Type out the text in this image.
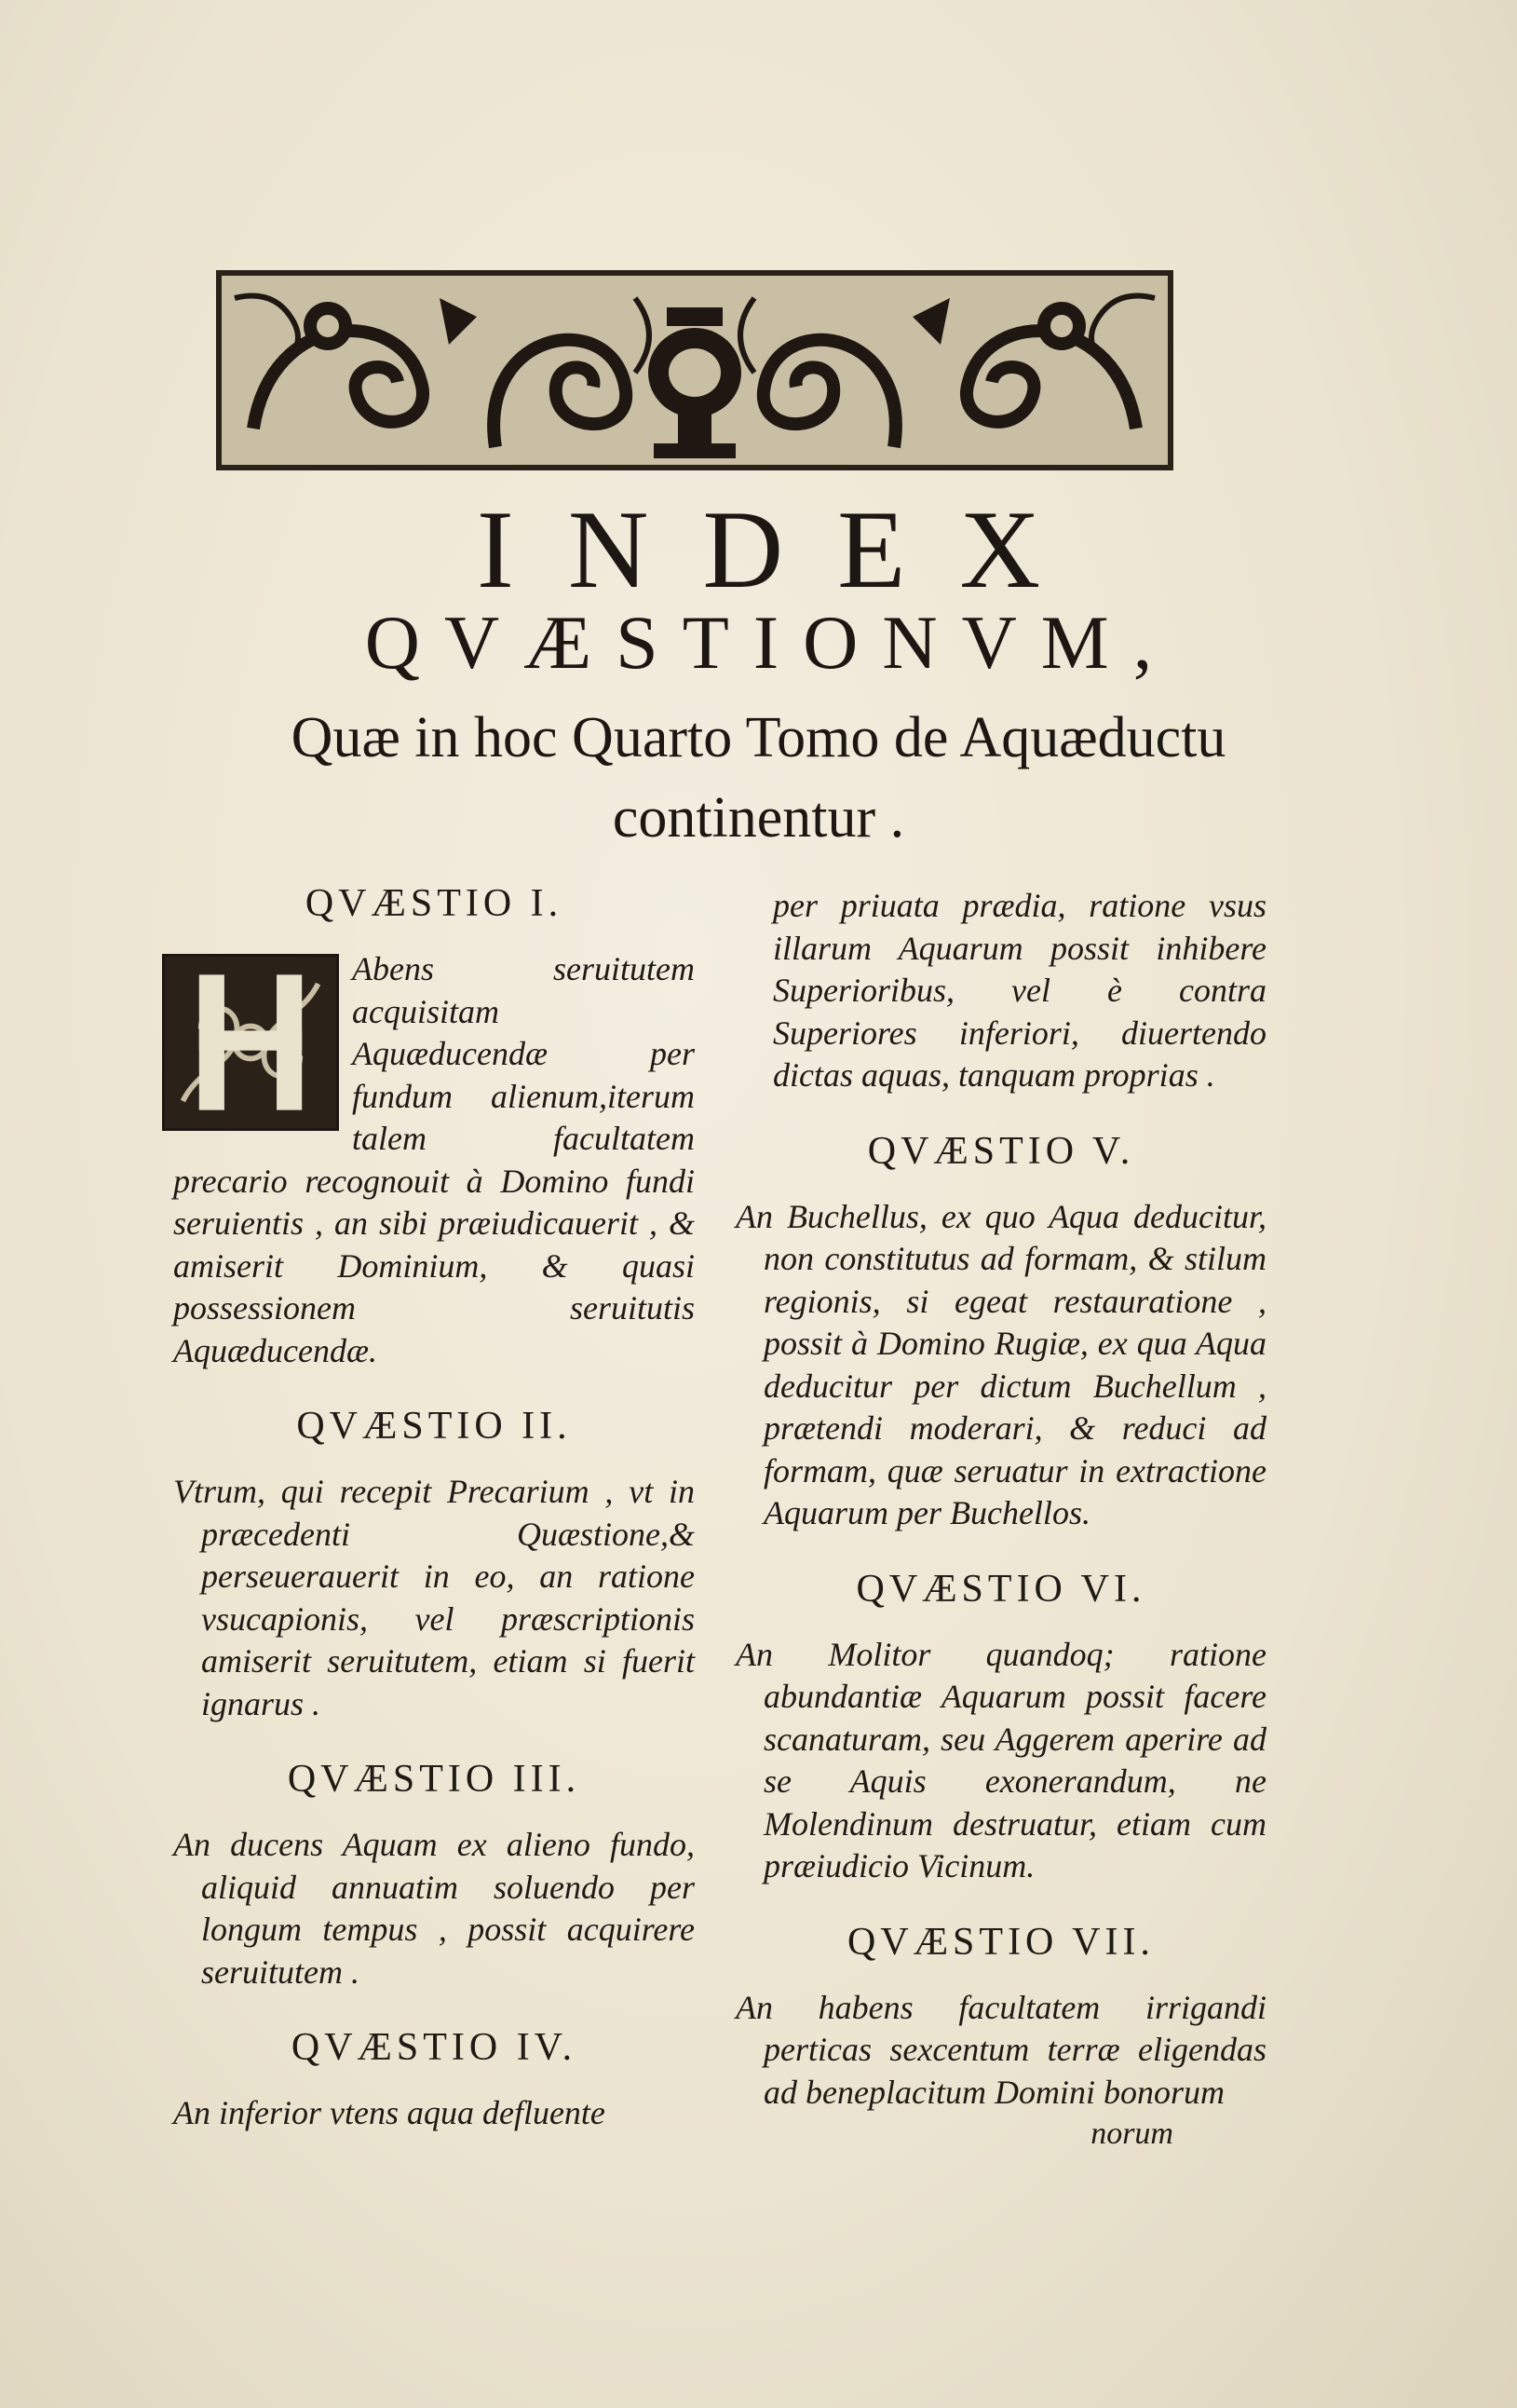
INDEX
QVÆSTIONVM,
Quæ in hoc Quarto Tomo de Aquæductu
continentur .

QVÆSTIO I.

Abens seruitutem acquisitam Aquæducendæ per fundum alienum,iterum talem facultatem precario recognouit à Domino fundi seruientis , an sibi præiudicauerit , & amiserit Dominium, & quasi possessionem seruitutis Aquæducendæ.

QVÆSTIO II.

Vtrum, qui recepit Precarium , vt in præcedenti Quæstione,& perseuerauerit in eo, an ratione vsucapionis, vel præscriptionis amiserit seruitutem, etiam si fuerit ignarus .

QVÆSTIO III.

An ducens Aquam ex alieno fundo, aliquid annuatim soluendo per longum tempus , possit acquirere seruitutem .

QVÆSTIO IV.

An inferior vtens aqua defluente

per priuata prædia, ratione vsus illarum Aquarum possit inhibere Superioribus, vel è contra Superiores inferiori, diuertendo dictas aquas, tanquam proprias .

QVÆSTIO V.

An Buchellus, ex quo Aqua deducitur, non constitutus ad formam, & stilum regionis, si egeat restauratione , possit à Domino Rugiæ, ex qua Aqua deducitur per dictum Buchellum , prætendi moderari, & reduci ad formam, quæ seruatur in extractione Aquarum per Buchellos.

QVÆSTIO VI.

An Molitor quandoq; ratione abundantiæ Aquarum possit facere scanaturam, seu Aggerem aperire ad se Aquis exonerandum, ne Molendinum destruatur, etiam cum præiudicio Vicinum.

QVÆSTIO VII.

An habens facultatem irrigandi perticas sexcentum terræ eligendas ad beneplacitum Domini bonorum

norum
